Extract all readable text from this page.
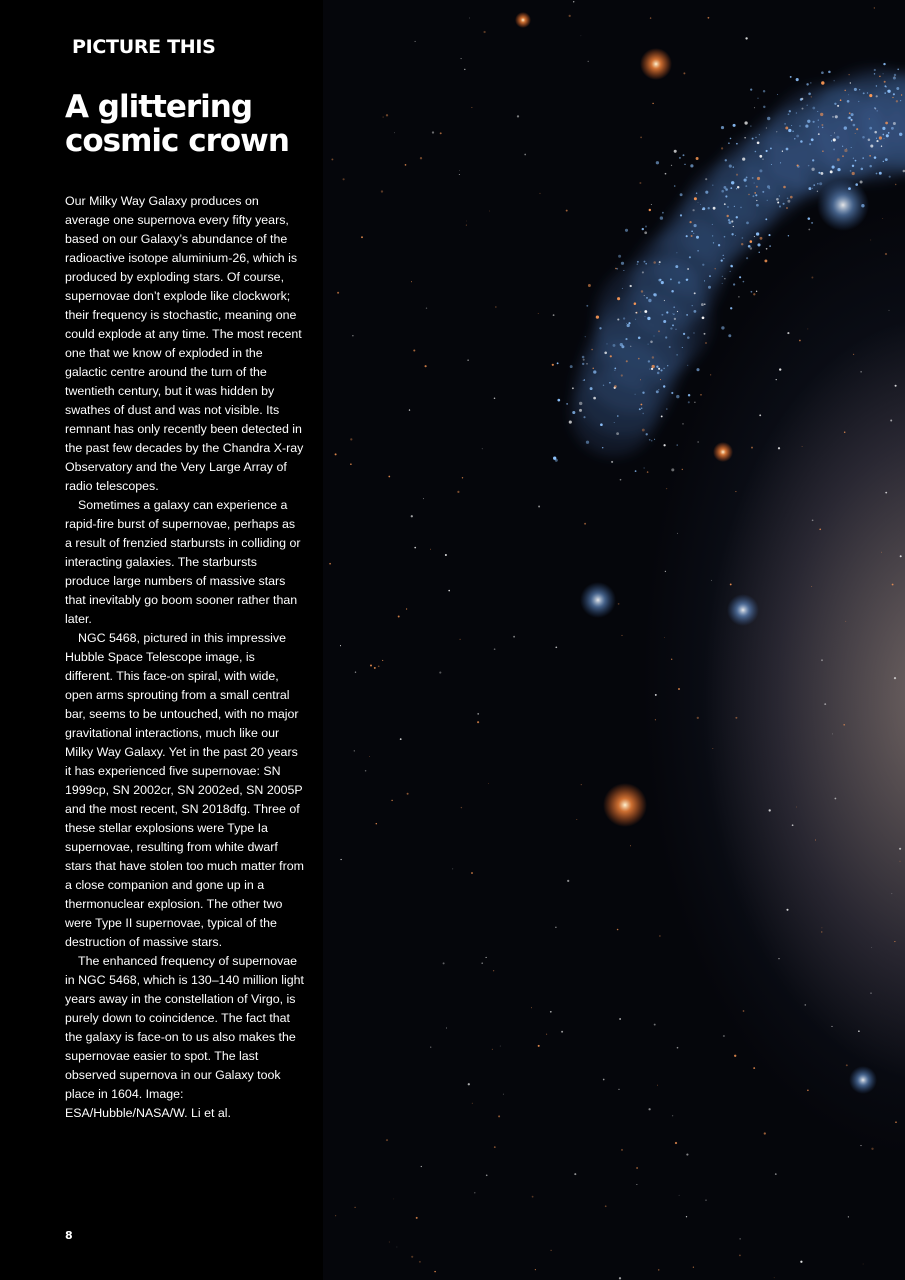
PICTURE THIS
A glittering cosmic crown

Our Milky Way Galaxy produces on average one supernova every fifty years, based on our Galaxy’s abundance of the radioactive isotope aluminium-26, which is produced by exploding stars. Of course, supernovae don’t explode like clockwork; their frequency is stochastic, meaning one could explode at any time. The most recent one that we know of exploded in the galactic centre around the turn of the twentieth century, but it was hidden by swathes of dust and was not visible. Its remnant has only recently been detected in the past few decades by the Chandra X-ray Observatory and the Very Large Array of radio telescopes.

Sometimes a galaxy can experience a rapid-fire burst of supernovae, perhaps as a result of frenzied starbursts in colliding or interacting galaxies. The starbursts produce large numbers of massive stars that inevitably go boom sooner rather than later.

NGC 5468, pictured in this impressive Hubble Space Telescope image, is different. This face-on spiral, with wide, open arms sprouting from a small central bar, seems to be untouched, with no major gravitational interactions, much like our Milky Way Galaxy. Yet in the past 20 years it has experienced five supernovae: SN 1999cp, SN 2002cr, SN 2002ed, SN 2005P and the most recent, SN 2018dfg. Three of these stellar explosions were Type Ia supernovae, resulting from white dwarf stars that have stolen too much matter from a close companion and gone up in a thermonuclear explosion. The other two were Type II supernovae, typical of the destruction of massive stars.

The enhanced frequency of supernovae in NGC 5468, which is 130–140 million light years away in the constellation of Virgo, is purely down to coincidence. The fact that the galaxy is face-on to us also makes the supernovae easier to spot. The last observed supernova in our Galaxy took place in 1604. Image: ESA/Hubble/NASA/W. Li et al.

8
